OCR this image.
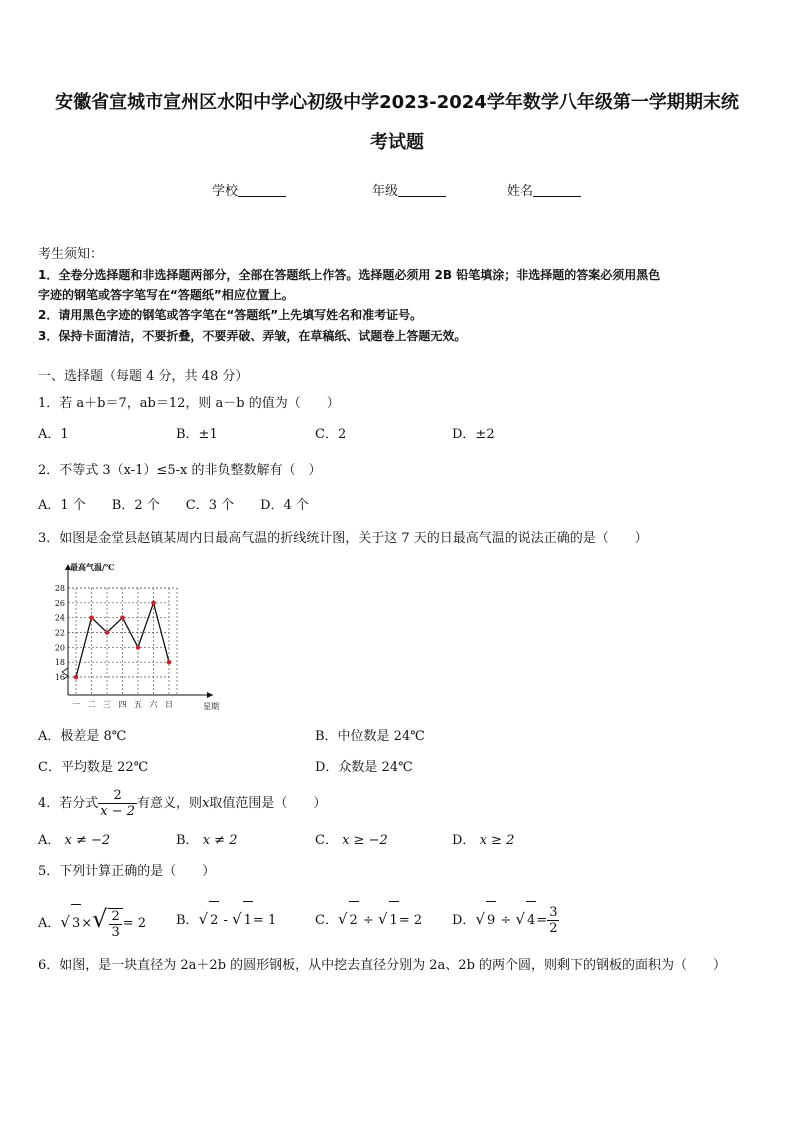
安徽省宣城市宣州区水阳中学心初级中学2023-2024学年数学八年级第一学期期末统
考试题
学校	年级	姓名
考生须知：
1．全卷分选择题和非选择题两部分，全部在答题纸上作答。选择题必须用 2B 铅笔填涂；非选择题的答案必须用黑色
字迹的钢笔或答字笔写在“答题纸”相应位置上。
2．请用黑色字迹的钢笔或答字笔在“答题纸”上先填写姓名和准考证号。
3．保持卡面清洁，不要折叠，不要弄破、弄皱，在草稿纸、试题卷上答题无效。
一、选择题（每题 4 分，共 48 分）
1．若 a＋b＝7，ab＝12，则 a－b 的值为（　　）
A．1	B．±1	C．2	D．±2
2．不等式 3（x-1）≤5-x 的非负整数解有（　）
A．1 个　　B．2 个　　C．3 个　　D．4 个
3．如图是金堂县赵镇某周内日最高气温的折线统计图，关于这 7 天的日最高气温的说法正确的是（　　）
16
18
20
22
24
26
28
一 二 三 四 五 六 日
最高气温/℃
星期
A．极差是 8℃	B．中位数是 24℃
C．平均数是 22℃	D．众数是 24℃
4．若分式 $\frac{2}{x - 2}$ 有意义，则x取值范围是（　　）
A． x ≠ −2	B． x ≠ 2	C． x ≥ −2	D． x ≥ 2
5．下列计算正确的是（　　）
A．√ $3\times√ \frac{2}{3} = 2$ B．√ 2 - √ 1= 1	C．√ 2 ÷ √ 1= 2 D．√ 9 ÷ √ $4= \frac{3}{2}$
6．如图，是一块直径为 2a＋2b 的圆形钢板，从中挖去直径分别为 2a、2b 的两个圆，则剩下的钢板的面积为（　　）
